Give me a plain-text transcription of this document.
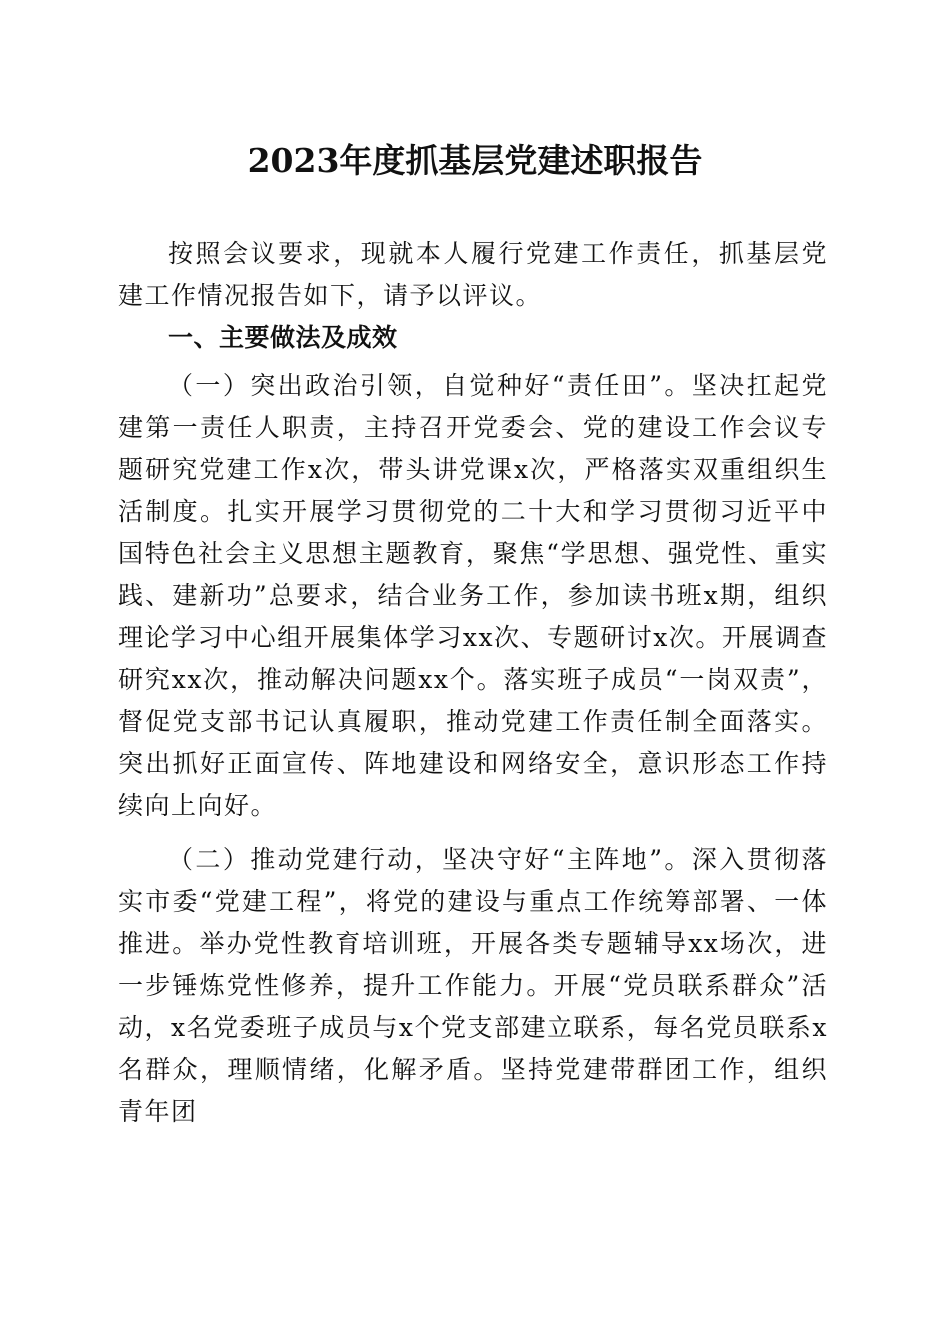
2023年度抓基层党建述职报告

按照会议要求，现就本人履行党建工作责任，抓基层党建工作情况报告如下，请予以评议。

一、主要做法及成效

（一）突出政治引领，自觉种好“责任田”。坚决扛起党建第一责任人职责，主持召开党委会、党的建设工作会议专题研究党建工作x次，带头讲党课x次，严格落实双重组织生活制度。扎实开展学习贯彻党的二十大和学习贯彻习近平中国特色社会主义思想主题教育，聚焦“学思想、强党性、重实践、建新功”总要求，结合业务工作，参加读书班x期，组织理论学习中心组开展集体学习xx次、专题研讨x次。开展调查研究xx次，推动解决问题xx个。落实班子成员“一岗双责”，督促党支部书记认真履职，推动党建工作责任制全面落实。突出抓好正面宣传、阵地建设和网络安全，意识形态工作持续向上向好。

（二）推动党建行动，坚决守好“主阵地”。深入贯彻落实市委“党建工程”，将党的建设与重点工作统筹部署、一体推进。举办党性教育培训班，开展各类专题辅导xx场次，进一步锤炼党性修养，提升工作能力。开展“党员联系群众”活动，x名党委班子成员与x个党支部建立联系，每名党员联系x名群众，理顺情绪，化解矛盾。坚持党建带群团工作，组织青年团
